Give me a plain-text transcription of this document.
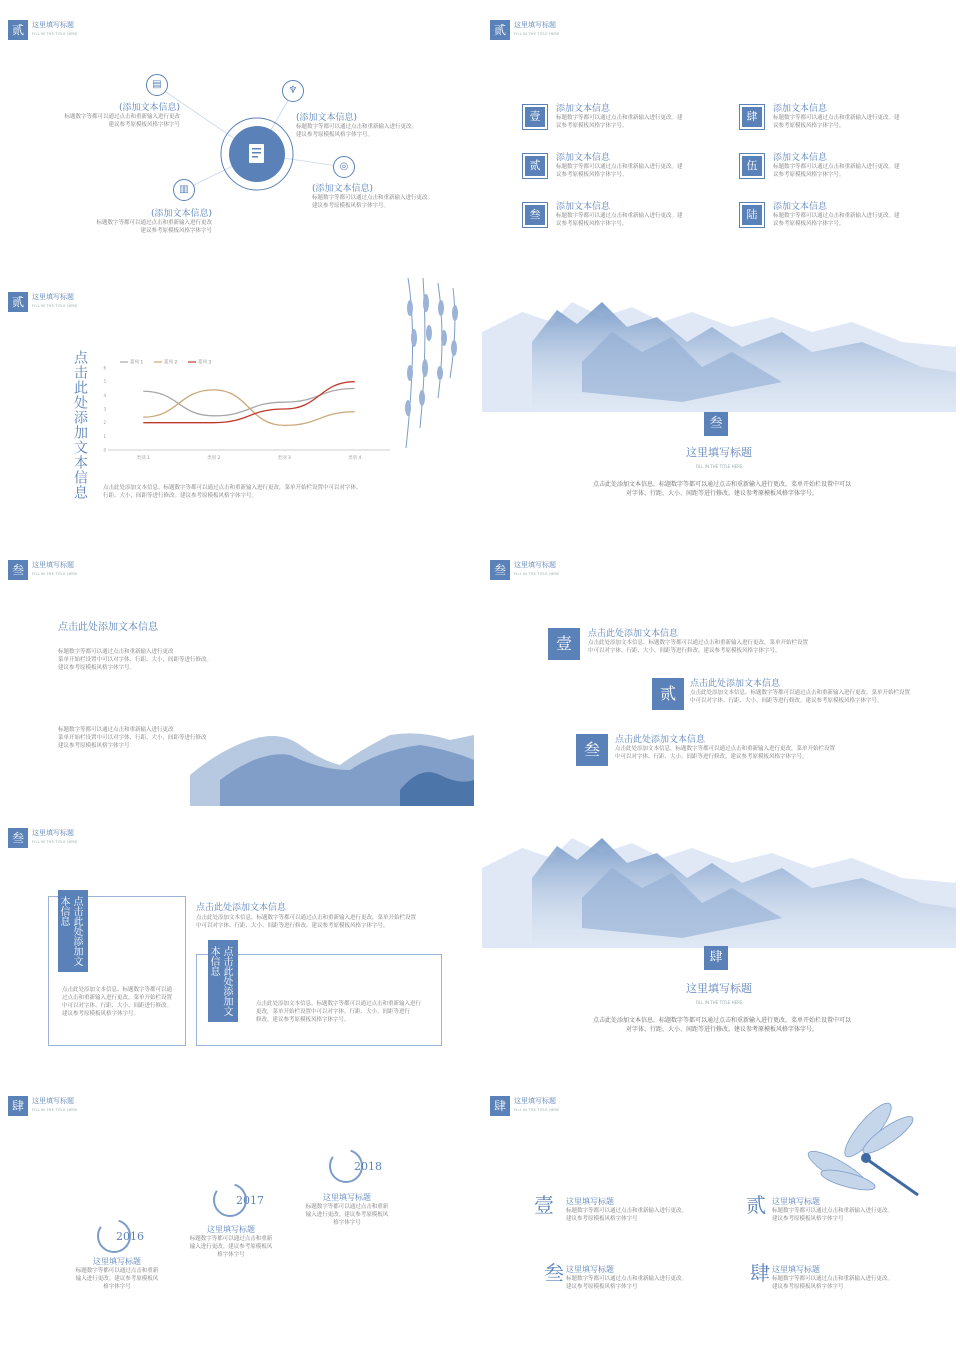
贰	这里填写标题
FILL IN THE TITLE HERE
▤
♆
◎
▥
(添加文本信息)
标题数字等都可以通过点击和重新输入进行更改
建议参考原模板风格字体字号
(添加文本信息)
标题数字等都可以通过点击和重新输入进行更改。
建议参考原模板风格字体字号。
(添加文本信息)
标题数字等都可以通过点击和重新输入进行更改。
建议参考原模板风格字体字号。
(添加文本信息)
标题数字等都可以通过点击和重新输入进行更改
建议参考原模板风格字体字号
贰	这里填写标题
FILL IN THE TITLE HERE
壹
添加文本信息
标题数字等都可以通过点击和重新输入进行更改。建
议参考原模板风格字体字号。
贰
添加文本信息
标题数字等都可以通过点击和重新输入进行更改。建
议参考原模板风格字体字号。
叁
添加文本信息
标题数字等都可以通过点击和重新输入进行更改。建
议参考原模板风格字体字号。
肆
添加文本信息
标题数字等都可以通过点击和重新输入进行更改。建
议参考原模板风格字体字号。
伍
添加文本信息
标题数字等都可以通过点击和重新输入进行更改。建
议参考原模板风格字体字号。
陆
添加文本信息
标题数字等都可以通过点击和重新输入进行更改。建
议参考原模板风格字体字号。
贰	这里填写标题
FILL IN THE TITLE HERE
点击此处添加文本信息	0
1
2
3
4
5
6
类别 1	类别 2	类别 3	类别 4
系列 1	系列 2	系列 3
点击此处添加文本信息。标题数字等都可以通过点击和重新输入进行更改，菜单开始栏设置中可以对字体、
行距、大小、间距等进行修改。建议参考原模板风格字体字号。
叁
这里填写标题
FILL IN THE TITLE HERE
点击此处添加文本信息。标题数字等都可以通过点击和重新输入进行更改，菜单开始栏设置中可以
对字体、行距、大小、间距等进行修改。建议参考原模板风格字体字号。
叁	这里填写标题
FILL IN THE TITLE HERE
点击此处添加文本信息
标题数字等都可以通过点击和重新输入进行更改
菜单开始栏设置中可以对字体、行距、大小、间距等进行修改。
建议参考原模板风格字体字号。
标题数字等都可以通过点击和重新输入进行更改
菜单开始栏设置中可以对字体、行距、大小、间距等进行修改
建议参考原模板风格字体字号
叁	这里填写标题
FILL IN THE TITLE HERE
壹	点击此处添加文本信息
点击此处添加文本信息。标题数字等都可以通过点击和重新输入进行更改，菜单开始栏设置
中可以对字体、行距、大小、间距等进行修改。建议参考原模板风格字体字号。
贰	点击此处添加文本信息
点击此处添加文本信息。标题数字等都可以通过点击和重新输入进行更改，菜单开始栏设置
中可以对字体、行距、大小、间距等进行修改。建议参考原模板风格字体字号。
叁	点击此处添加文本信息
点击此处添加文本信息。标题数字等都可以通过点击和重新输入进行更改，菜单开始栏设置
中可以对字体、行距、大小、间距等进行修改。建议参考原模板风格字体字号。
叁	这里填写标题
FILL IN THE TITLE HERE
点击此处添加文本信息
点击此处添加文本信息。标题数字等都可以通
过点击和重新输入进行更改，菜单开始栏设置
中可以对字体、行距、大小、间距进行修改。
建议参考原模板风格字体字号。
点击此处添加文本信息
点击此处添加文本信息。标题数字等都可以通过点击和重新输入进行更改，菜单开始栏设置
中可以对字体、行距、大小、间距等进行修改。建议参考原模板风格字体字号。
点击此处添加文本信息
点击此处添加文本信息。标题数字等都可以通过点击和重新输入进行
更改，菜单开始栏设置中可以对字体、行距、大小、间距等进行
修改。建议参考原模板风格字体字号。
肆
这里填写标题
FILL IN THE TITLE HERE
点击此处添加文本信息。标题数字等都可以通过点击和重新输入进行更改，菜单开始栏设置中可以
对字体、行距、大小、间距等进行修改。建议参考原模板风格字体字号。
肆	这里填写标题
FILL IN THE TITLE HERE
2016
这里填写标题
标题数字等都可以通过点击和重新
输入进行更改。建议参考原模板风
格字体字号
2017
这里填写标题
标题数字等都可以通过点击和重新
输入进行更改。建议参考原模板风
格字体字号
2018
这里填写标题
标题数字等都可以通过点击和重新
输入进行更改。建议参考原模板风
格字体字号
肆	这里填写标题
FILL IN THE TITLE HERE
壹	这里填写标题
标题数字等都可以通过点击和重新输入进行更改。
建议参考原模板风格字体字号
贰 这里填写标题
标题数字等都可以通过点击和重新输入进行更改。
建议参考原模板风格字体字号
叁 这里填写标题
标题数字等都可以通过点击和重新输入进行更改。
建议参考原模板风格字体字号
肆 这里填写标题
标题数字等都可以通过点击和重新输入进行更改。
建议参考原模板风格字体字号
